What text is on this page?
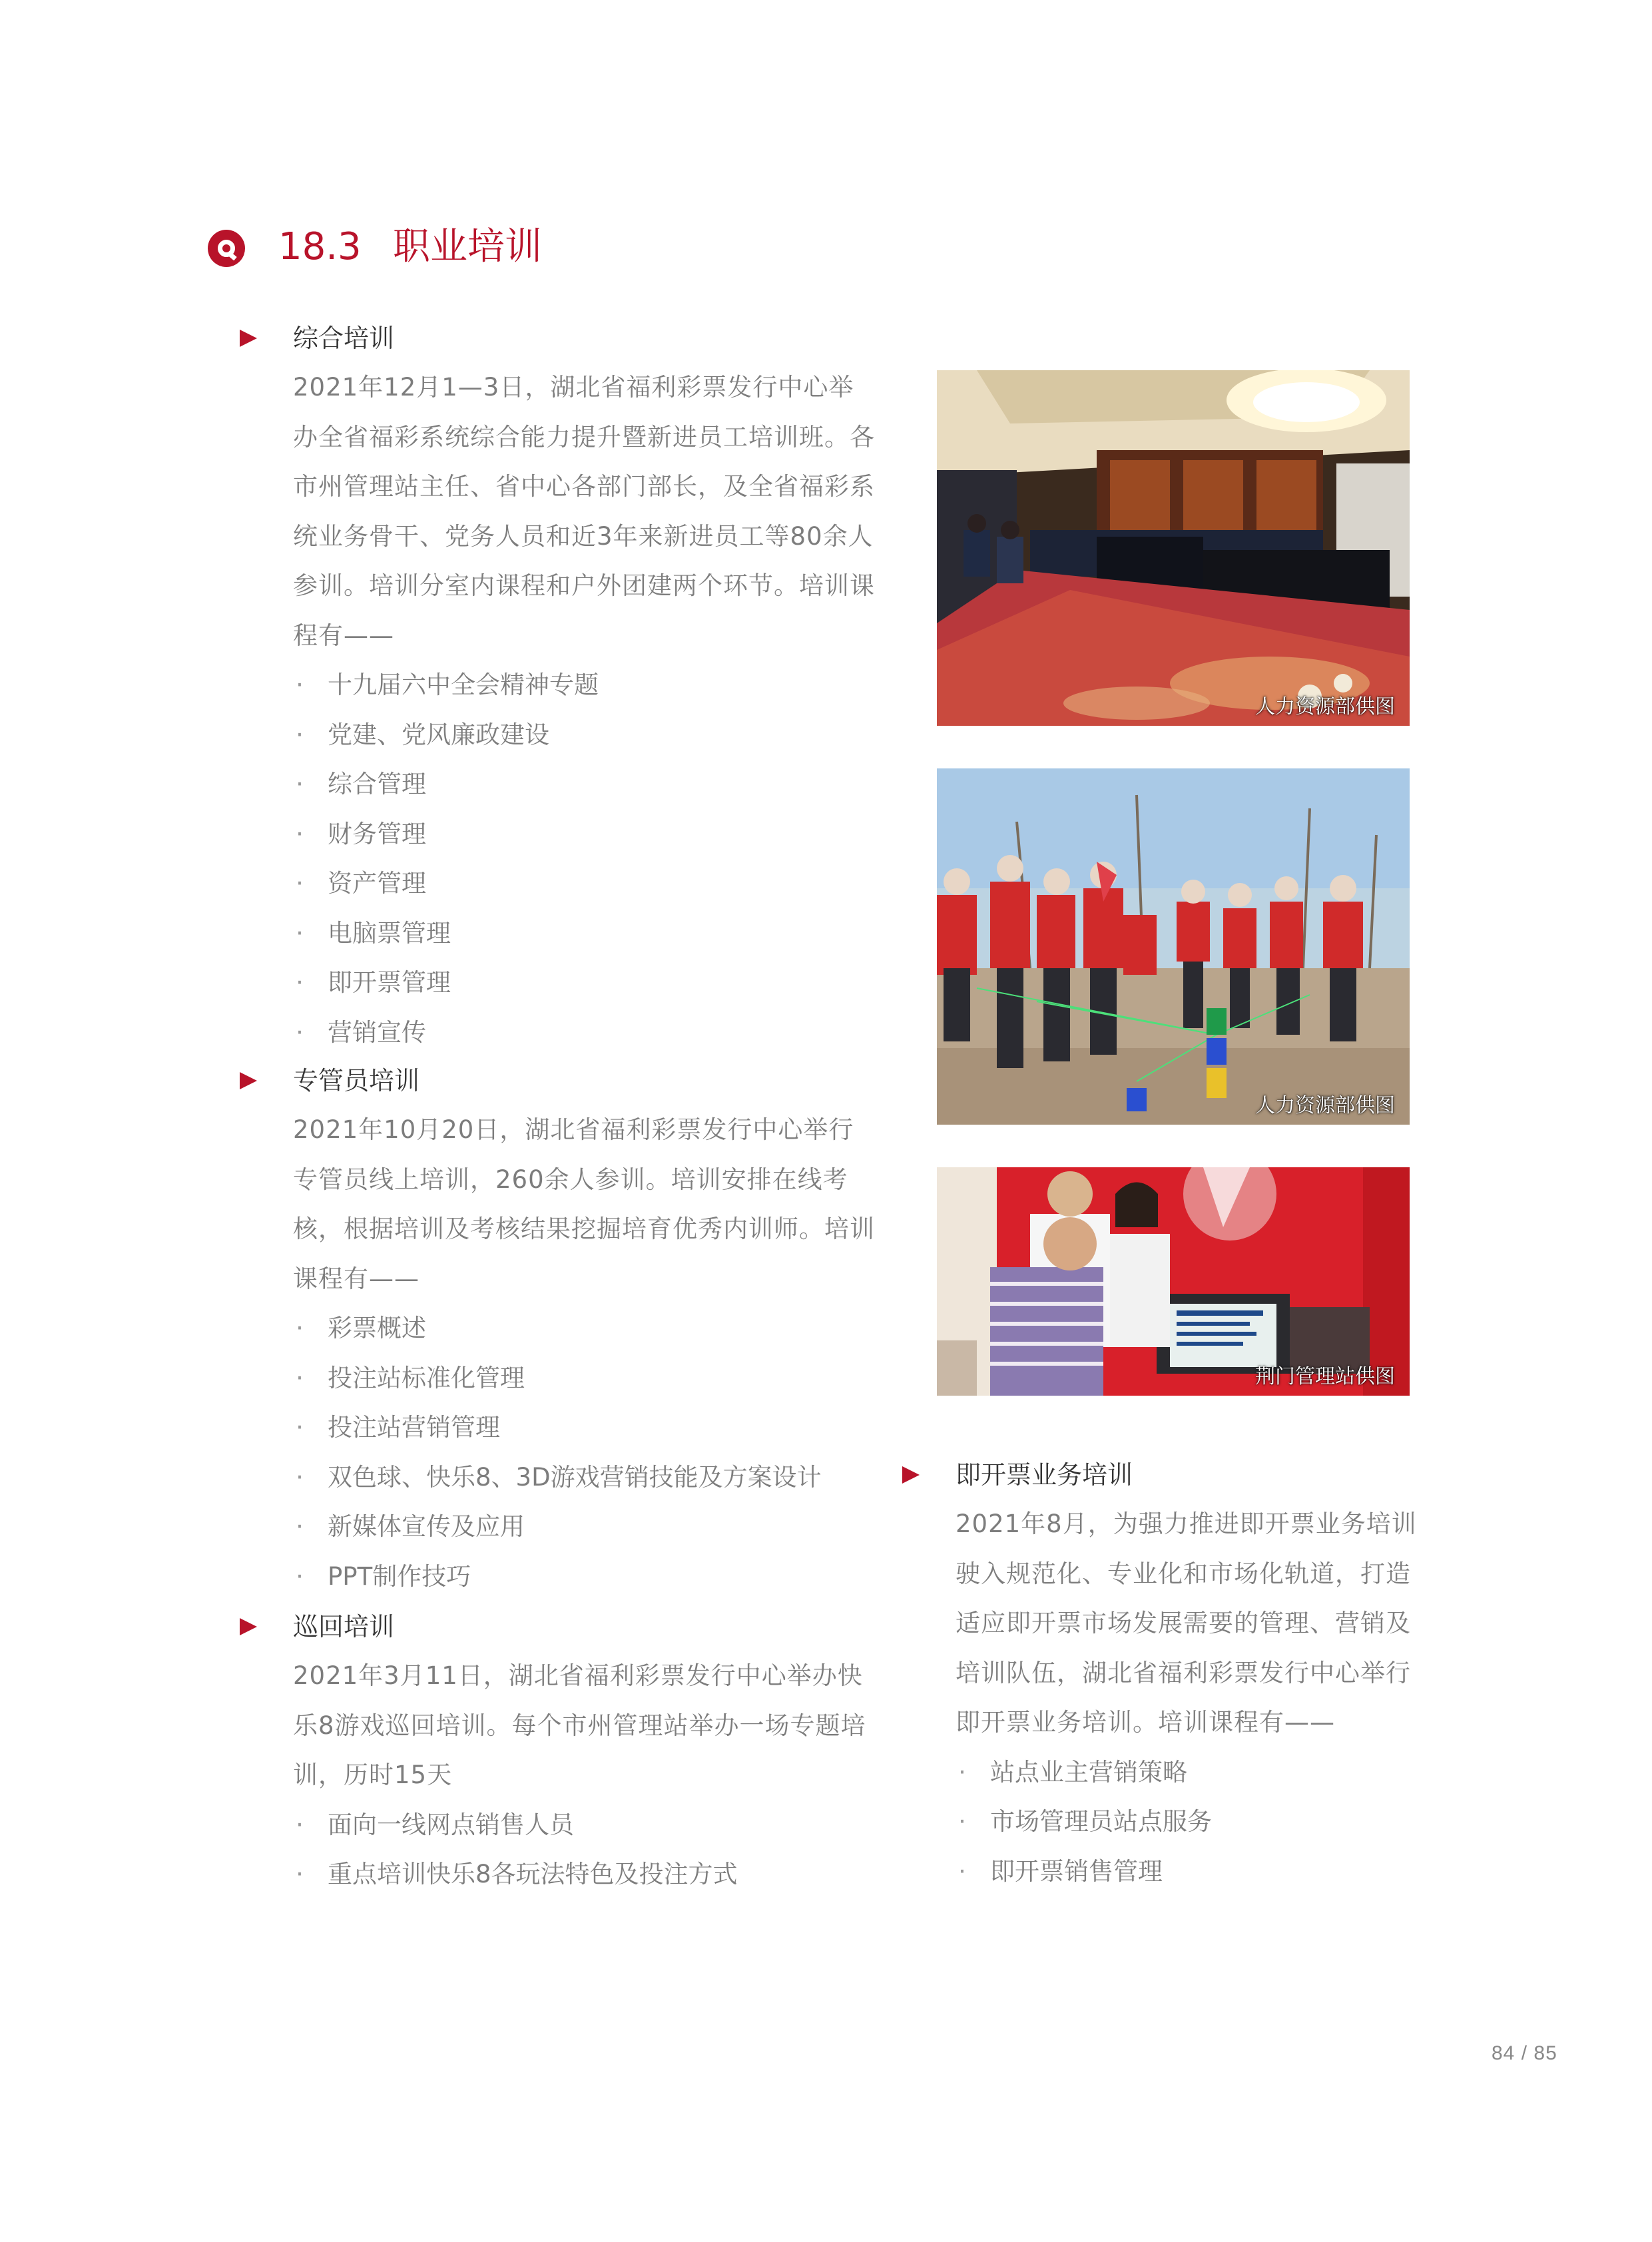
18.3 职业培训
综合培训

2021年12月1—3日，湖北省福利彩票发行中心举办全省福彩系统综合能力提升暨新进员工培训班。各市州管理站主任、省中心各部门部长，及全省福彩系统业务骨干、党务人员和近3年来新进员工等80余人参训。培训分室内课程和户外团建两个环节。培训课程有——

· 十九届六中全会精神专题
· 党建、党风廉政建设
· 综合管理
· 财务管理
· 资产管理
· 电脑票管理
· 即开票管理
· 营销宣传
专管员培训

2021年10月20日，湖北省福利彩票发行中心举行专管员线上培训，260余人参训。培训安排在线考核，根据培训及考核结果挖掘培育优秀内训师。培训课程有——

· 彩票概述
· 投注站标准化管理
· 投注站营销管理
· 双色球、快乐8、3D游戏营销技能及方案设计
· 新媒体宣传及应用
· PPT制作技巧
巡回培训

2021年3月11日，湖北省福利彩票发行中心举办快乐8游戏巡回培训。每个市州管理站举办一场专题培训，历时15天

· 面向一线网点销售人员
· 重点培训快乐8各玩法特色及投注方式
即开票业务培训

2021年8月，为强力推进即开票业务培训驶入规范化、专业化和市场化轨道，打造适应即开票市场发展需要的管理、营销及培训队伍，湖北省福利彩票发行中心举行即开票业务培训。培训课程有——

· 站点业主营销策略
· 市场管理员站点服务
· 即开票销售管理
人力资源部供图
人力资源部供图
荆门管理站供图
84 / 85
